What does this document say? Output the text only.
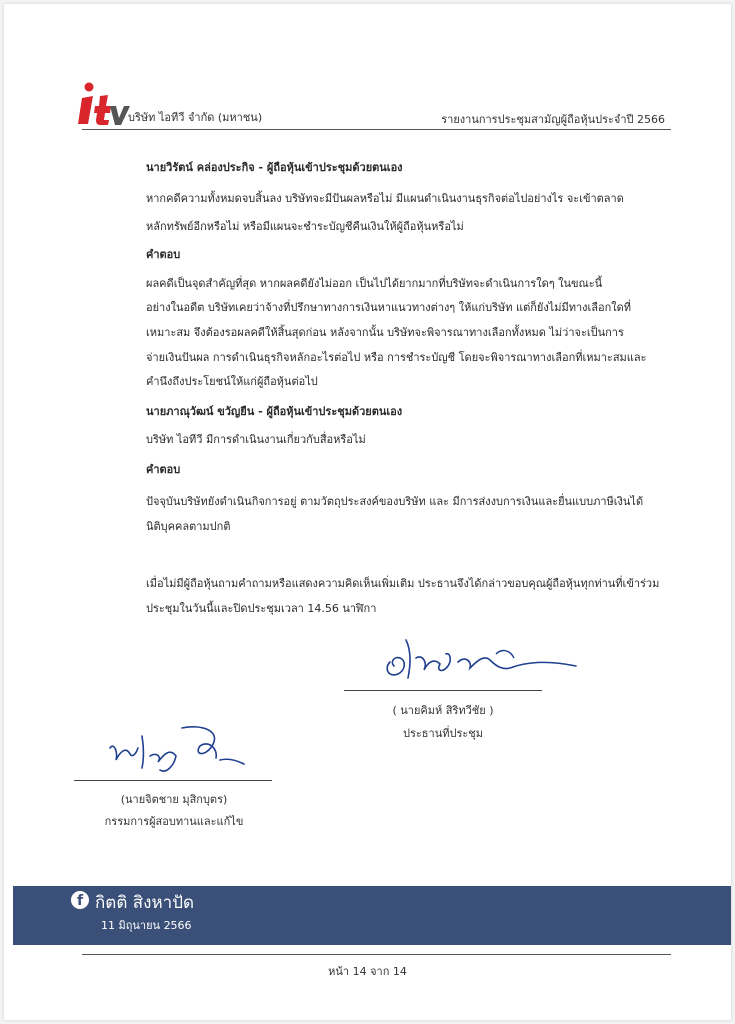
บริษัท ไอทีวี จำกัด (มหาชน)	รายงานการประชุมสามัญผู้ถือหุ้นประจำปี 2566
นายวิรัตน์ คล่องประกิจ - ผู้ถือหุ้นเข้าประชุมด้วยตนเอง
หากคดีความทั้งหมดจบสิ้นลง บริษัทจะมีปันผลหรือไม่ มีแผนดำเนินงานธุรกิจต่อไปอย่างไร จะเข้าตลาด
หลักทรัพย์อีกหรือไม่ หรือมีแผนจะชำระบัญชีคืนเงินให้ผู้ถือหุ้นหรือไม่
คำตอบ
ผลคดีเป็นจุดสำคัญที่สุด หากผลคดียังไม่ออก เป็นไปได้ยากมากที่บริษัทจะดำเนินการใดๆ ในขณะนี้
อย่างในอดีต บริษัทเคยว่าจ้างที่ปรึกษาทางการเงินหาแนวทางต่างๆ ให้แก่บริษัท แต่ก็ยังไม่มีทางเลือกใดที่
เหมาะสม จึงต้องรอผลคดีให้สิ้นสุดก่อน หลังจากนั้น บริษัทจะพิจารณาทางเลือกทั้งหมด ไม่ว่าจะเป็นการ
จ่ายเงินปันผล การดำเนินธุรกิจหลักอะไรต่อไป หรือ การชำระบัญชี โดยจะพิจารณาทางเลือกที่เหมาะสมและ
คำนึงถึงประโยชน์ให้แก่ผู้ถือหุ้นต่อไป
นายภาณุวัฒน์ ขวัญยืน - ผู้ถือหุ้นเข้าประชุมด้วยตนเอง
บริษัท ไอทีวี มีการดำเนินงานเกี่ยวกับสื่อหรือไม่
คำตอบ
ปัจจุบันบริษัทยังดำเนินกิจการอยู่ ตามวัตถุประสงค์ของบริษัท และ มีการส่งงบการเงินและยื่นแบบภาษีเงินได้
นิติบุคคลตามปกติ
เมื่อไม่มีผู้ถือหุ้นถามคำถามหรือแสดงความคิดเห็นเพิ่มเติม ประธานจึงได้กล่าวขอบคุณผู้ถือหุ้นทุกท่านที่เข้าร่วม
ประชุมในวันนี้และปิดประชุมเวลา 14.56 นาฬิกา
( นายคิมห์ สิริทวีชัย )
ประธานที่ประชุม
(นายจิตชาย มุสิกบุตร)
กรรมการผู้สอบทานและแก้ไข
หน้า 14 จาก 14
f กิตติ สิงหาปัด
11 มิถุนายน 2566
